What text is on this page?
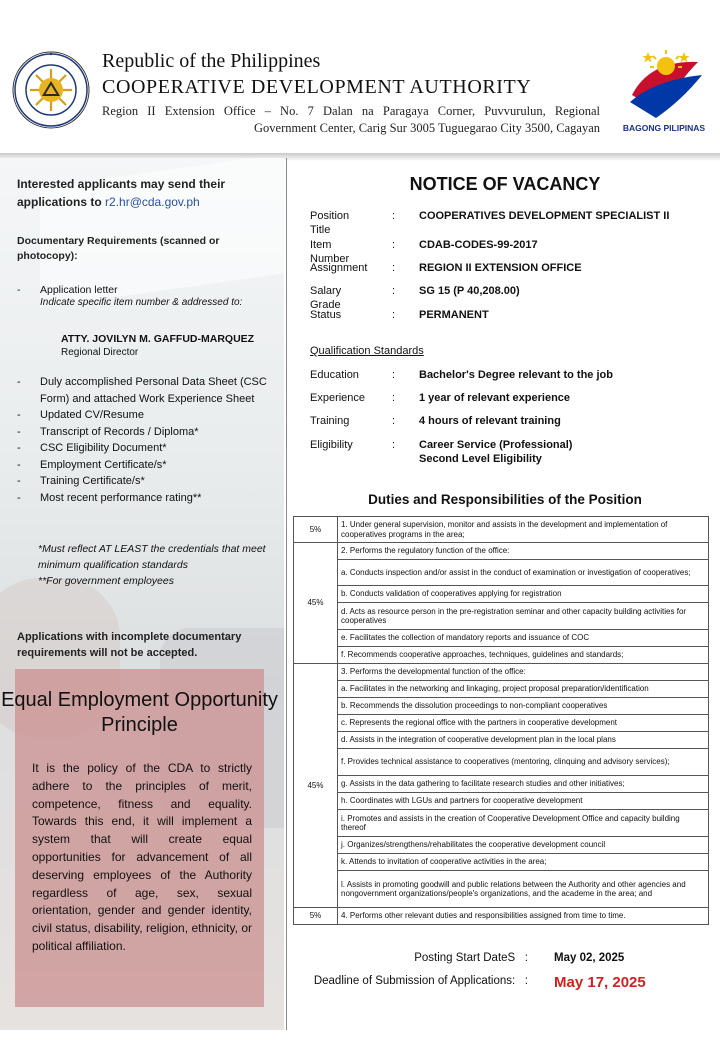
Republic of the Philippines
COOPERATIVE DEVELOPMENT AUTHORITY
Region II Extension Office – No. 7 Dalan na Paragaya Corner, Puvvurulun, Regional
Government Center, Carig Sur 3005 Tuguegarao City 3500, Cagayan	BAGONG PILIPINAS
Interested applicants may send their applications to r2.hr@cda.gov.ph
Documentary Requirements (scanned or photocopy):
- Application letter
Indicate specific item number & addressed to:
ATTY. JOVILYN M. GAFFUD-MARQUEZ
Regional Director
- Duly accomplished Personal Data Sheet (CSC Form) and attached Work Experience Sheet
- Updated CV/Resume
- Transcript of Records / Diploma*
- CSC Eligibility Document*
- Employment Certificate/s*
- Training Certificate/s*
- Most recent performance rating**
*Must reflect AT LEAST the credentials that meet minimum qualification standards
**For government employees
Applications with incomplete documentary requirements will not be accepted.
Equal Employment Opportunity Principle
It is the policy of the CDA to strictly adhere to the principles of merit, competence, fitness and equality. Towards this end, it will implement a system that will create equal opportunities for advancement of all deserving employees of the Authority regardless of age, sex, sexual orientation, gender and gender identity, civil status, disability, religion, ethnicity, or political affiliation.
NOTICE OF VACANCY
Position Title
: COOPERATIVES DEVELOPMENT SPECIALIST II
Item Number
: CDAB-CODES-99-2017
Assignment : REGION II EXTENSION OFFICE
Salary Grade
: SG 15 (P 40,208.00)
Status	: PERMANENT
Qualification Standards
Education	: Bachelor's Degree relevant to the job
Experience : 1 year of relevant experience
Training	: 4 hours of relevant training
Eligibility	: Career Service (Professional)
Second Level Eligibility
Duties and Responsibilities of the Position
5%	1. Under general supervision, monitor and assists in the development and implementation of cooperatives programs in the area;
45%	2. Performs the regulatory function of the office:
	a. Conducts inspection and/or assist in the conduct of examination or investigation of cooperatives;
	b. Conducts validation of cooperatives applying for registration
	d. Acts as resource person in the pre-registration seminar and other capacity building activities for cooperatives
	e. Facilitates the collection of mandatory reports and issuance of COC
	f. Recommends cooperative approaches, techniques, guidelines and standards;
45%	3. Performs the developmental function of the office:
	a. Facilitates in the networking and linkaging, project proposal preparation/identification
	b. Recommends the dissolution proceedings to non-compliant cooperatives
	c. Represents the regional office with the partners in cooperative development
	d. Assists in the integration of cooperative development plan in the local plans
	f. Provides technical assistance to cooperatives (mentoring, clinquing and advisory services);
	g. Assists in the data gathering to facilitate research studies and other initiatives;
	h. Coordinates with LGUs and partners for cooperative development
	i. Promotes and assists in the creation of Cooperative Development Office and capacity building thereof
	j. Organizes/strengthens/rehabilitates the cooperative development council
	k. Attends to invitation of cooperative activities in the area;
	l. Assists in promoting goodwill and public relations between the Authority and other agencies and nongovernment organizations/people's organizations, and the academe in the area; and
5%	4. Performs other relevant duties and responsibilities assigned from time to time.
Posting Start DateS : May 02, 2025
Deadline of Submission of Applications: : May 17, 2025
